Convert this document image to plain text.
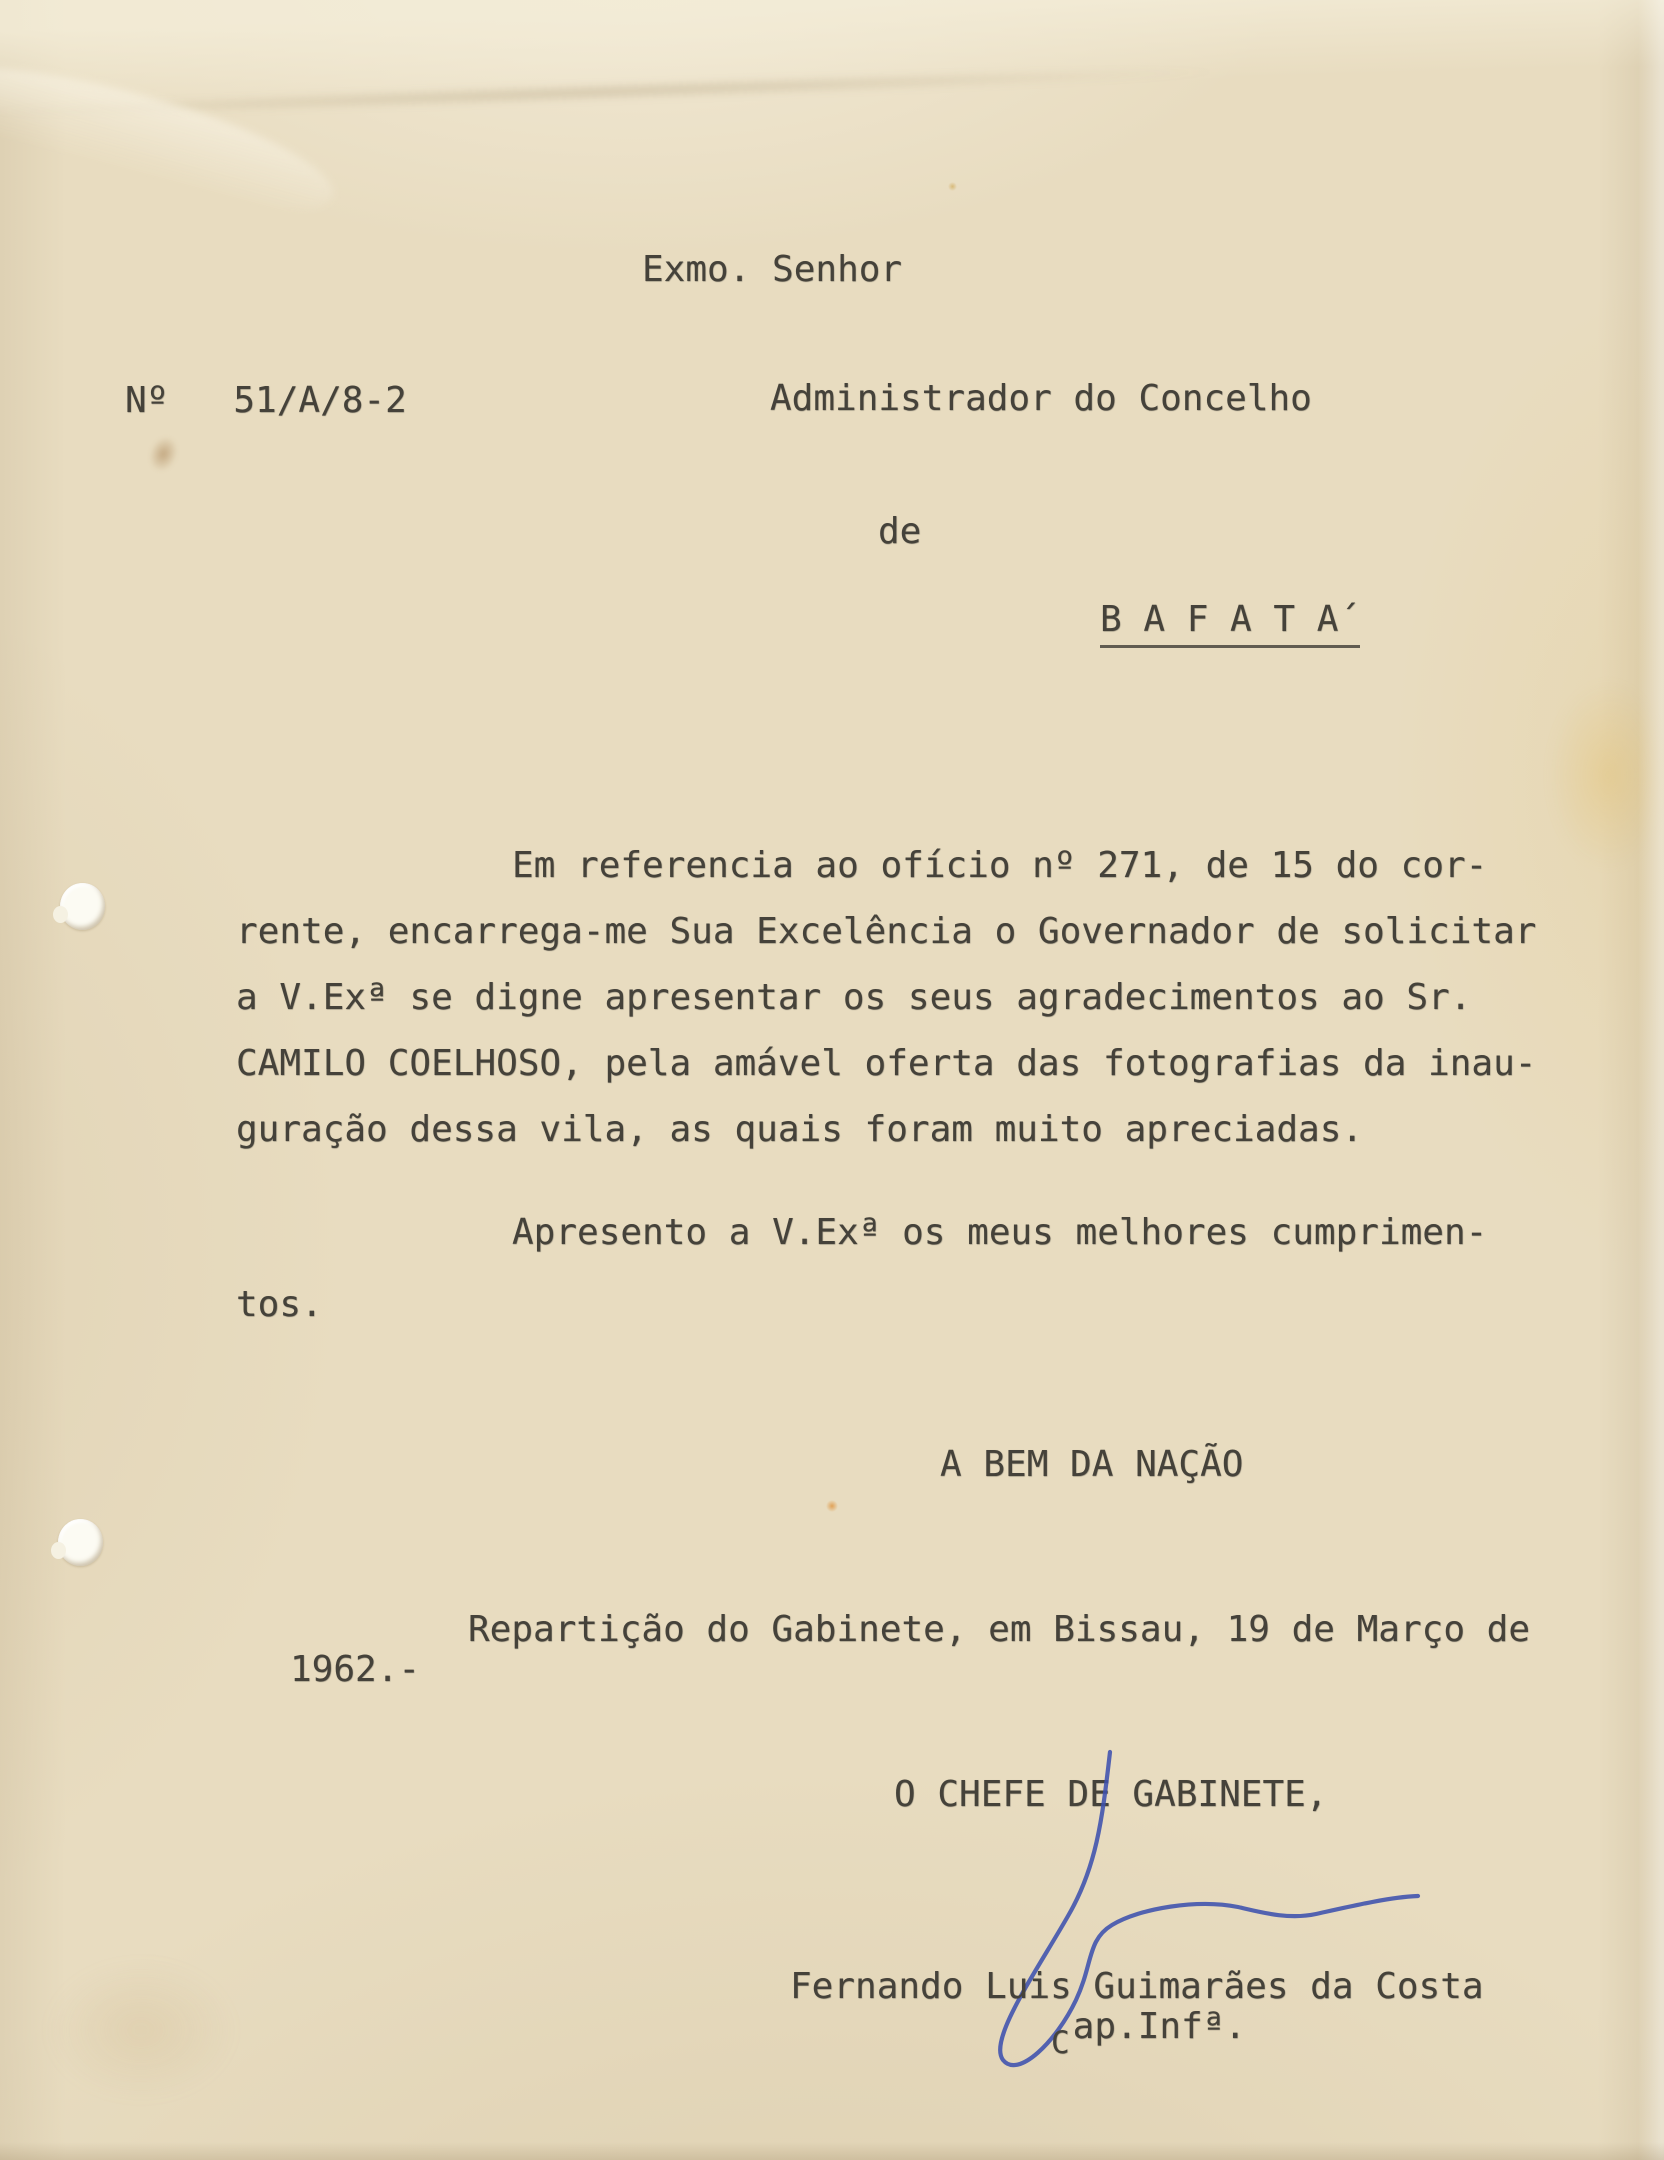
Exmo. Senhor
Nº   51/A/8-2	Administrador do Concelho
de
B A F A T A´
Em referencia ao ofício nº 271, de 15 do cor-
rente, encarrega-me Sua Excelência o Governador de solicitar
a V.Exª se digne apresentar os seus agradecimentos ao Sr.
CAMILO COELHOSO, pela amável oferta das fotografias da inau-
guração dessa vila, as quais foram muito apreciadas.
Apresento a V.Exª os meus melhores cumprimen-
tos.
A BEM DA NAÇÃO
Repartição do Gabinete, em Bissau, 19 de Março de
1962.-
O CHEFE DE GABINETE,
Fernando Luis Guimarães da Costa
Cap.Infª.
